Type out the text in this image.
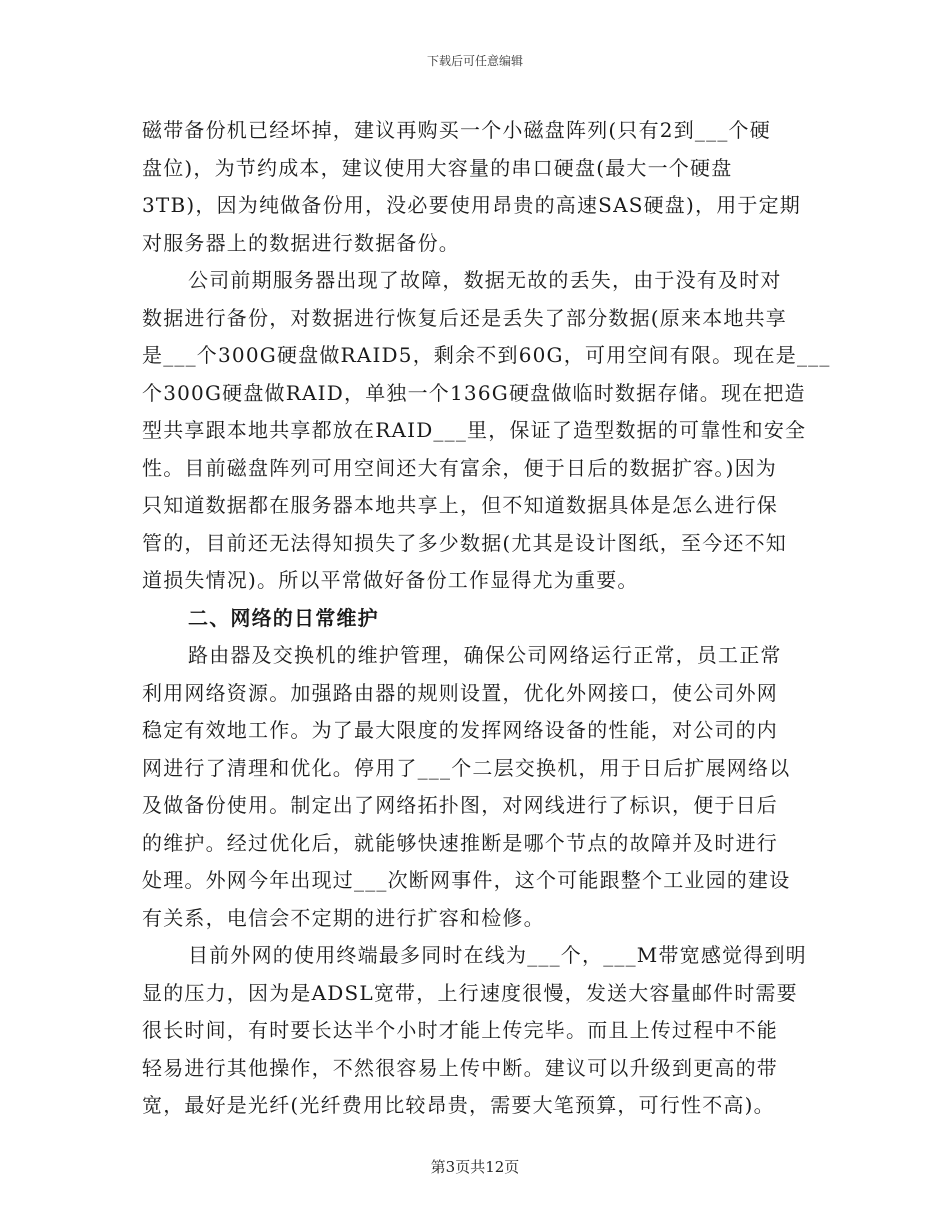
下载后可任意编辑
磁带备份机已经坏掉，建议再购买一个小磁盘阵列(只有2到___个硬
盘位)，为节约成本，建议使用大容量的串口硬盘(最大一个硬盘
3TB)，因为纯做备份用，没必要使用昂贵的高速SAS硬盘)，用于定期
对服务器上的数据进行数据备份。
公司前期服务器出现了故障，数据无故的丢失，由于没有及时对
数据进行备份，对数据进行恢复后还是丢失了部分数据(原来本地共享
是___个300G硬盘做RAID5，剩余不到60G，可用空间有限。现在是___
个300G硬盘做RAID，单独一个136G硬盘做临时数据存储。现在把造
型共享跟本地共享都放在RAID___里，保证了造型数据的可靠性和安全
性。目前磁盘阵列可用空间还大有富余，便于日后的数据扩容。)因为
只知道数据都在服务器本地共享上，但不知道数据具体是怎么进行保
管的，目前还无法得知损失了多少数据(尤其是设计图纸，至今还不知
道损失情况)。所以平常做好备份工作显得尤为重要。
二、网络的日常维护
路由器及交换机的维护管理，确保公司网络运行正常，员工正常
利用网络资源。加强路由器的规则设置，优化外网接口，使公司外网
稳定有效地工作。为了最大限度的发挥网络设备的性能，对公司的内
网进行了清理和优化。停用了___个二层交换机，用于日后扩展网络以
及做备份使用。制定出了网络拓扑图，对网线进行了标识，便于日后
的维护。经过优化后，就能够快速推断是哪个节点的故障并及时进行
处理。外网今年出现过___次断网事件，这个可能跟整个工业园的建设
有关系，电信会不定期的进行扩容和检修。
目前外网的使用终端最多同时在线为___个，___M带宽感觉得到明
显的压力，因为是ADSL宽带，上行速度很慢，发送大容量邮件时需要
很长时间，有时要长达半个小时才能上传完毕。而且上传过程中不能
轻易进行其他操作，不然很容易上传中断。建议可以升级到更高的带
宽，最好是光纤(光纤费用比较昂贵，需要大笔预算，可行性不高)。
第3页共12页
